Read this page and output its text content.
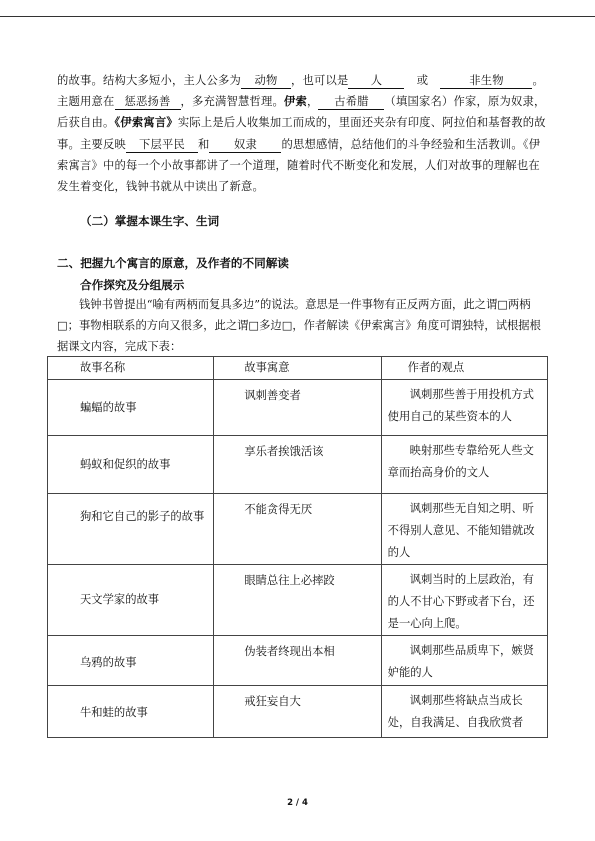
的故事。结构大多短小，主人公多为 动物 ，也可以是 人	或	非生物	。主题用意在 惩恶扬善 ，多充满智慧哲理。伊索， 古希腊 （填国家名）作家，原为奴隶，后获自由。《伊索寓言》实际上是后人收集加工而成的，里面还夹杂有印度、阿拉伯和基督教的故事。主要反映 下层平民 和 奴隶 的思想感情，总结他们的斗争经验和生活教训。《伊索寓言》中的每一个小故事都讲了一个道理，随着时代不断变化和发展，人们对故事的理解也在发生着变化，钱钟书就从中读出了新意。
（二）掌握本课生字、生词
二、把握九个寓言的原意，及作者的不同解读
合作探究及分组展示
钱钟书曾提出“喻有两柄而复具多边”的说法。意思是一件事物有正反两方面，此之谓□两柄□；事物相联系的方向又很多，此之谓□多边□，作者解读《伊索寓言》角度可谓独特，试根据根据课文内容，完成下表：
故事名称	故事寓意	作者的观点

蝙蝠的故事	讽刺善变者	讽刺那些善于用投机方式使用自己的某些资本的人

蚂蚁和促织的故事	享乐者挨饿活该	映射那些专靠给死人些文章而抬高身价的文人

狗和它自己的影子的故事	不能贪得无厌	讽刺那些无自知之明、听不得别人意见、不能知错就改的人

天文学家的故事	眼睛总往上必摔跤	讽刺当时的上层政治，有的人不甘心下野或者下台，还是一心向上爬。

乌鸦的故事	伪装者终现出本相	讽刺那些品质卑下，嫉贤妒能的人

牛和蛙的故事	戒狂妄自大	讽刺那些将缺点当成长处，自我满足、自我欣赏者
2 / 4
